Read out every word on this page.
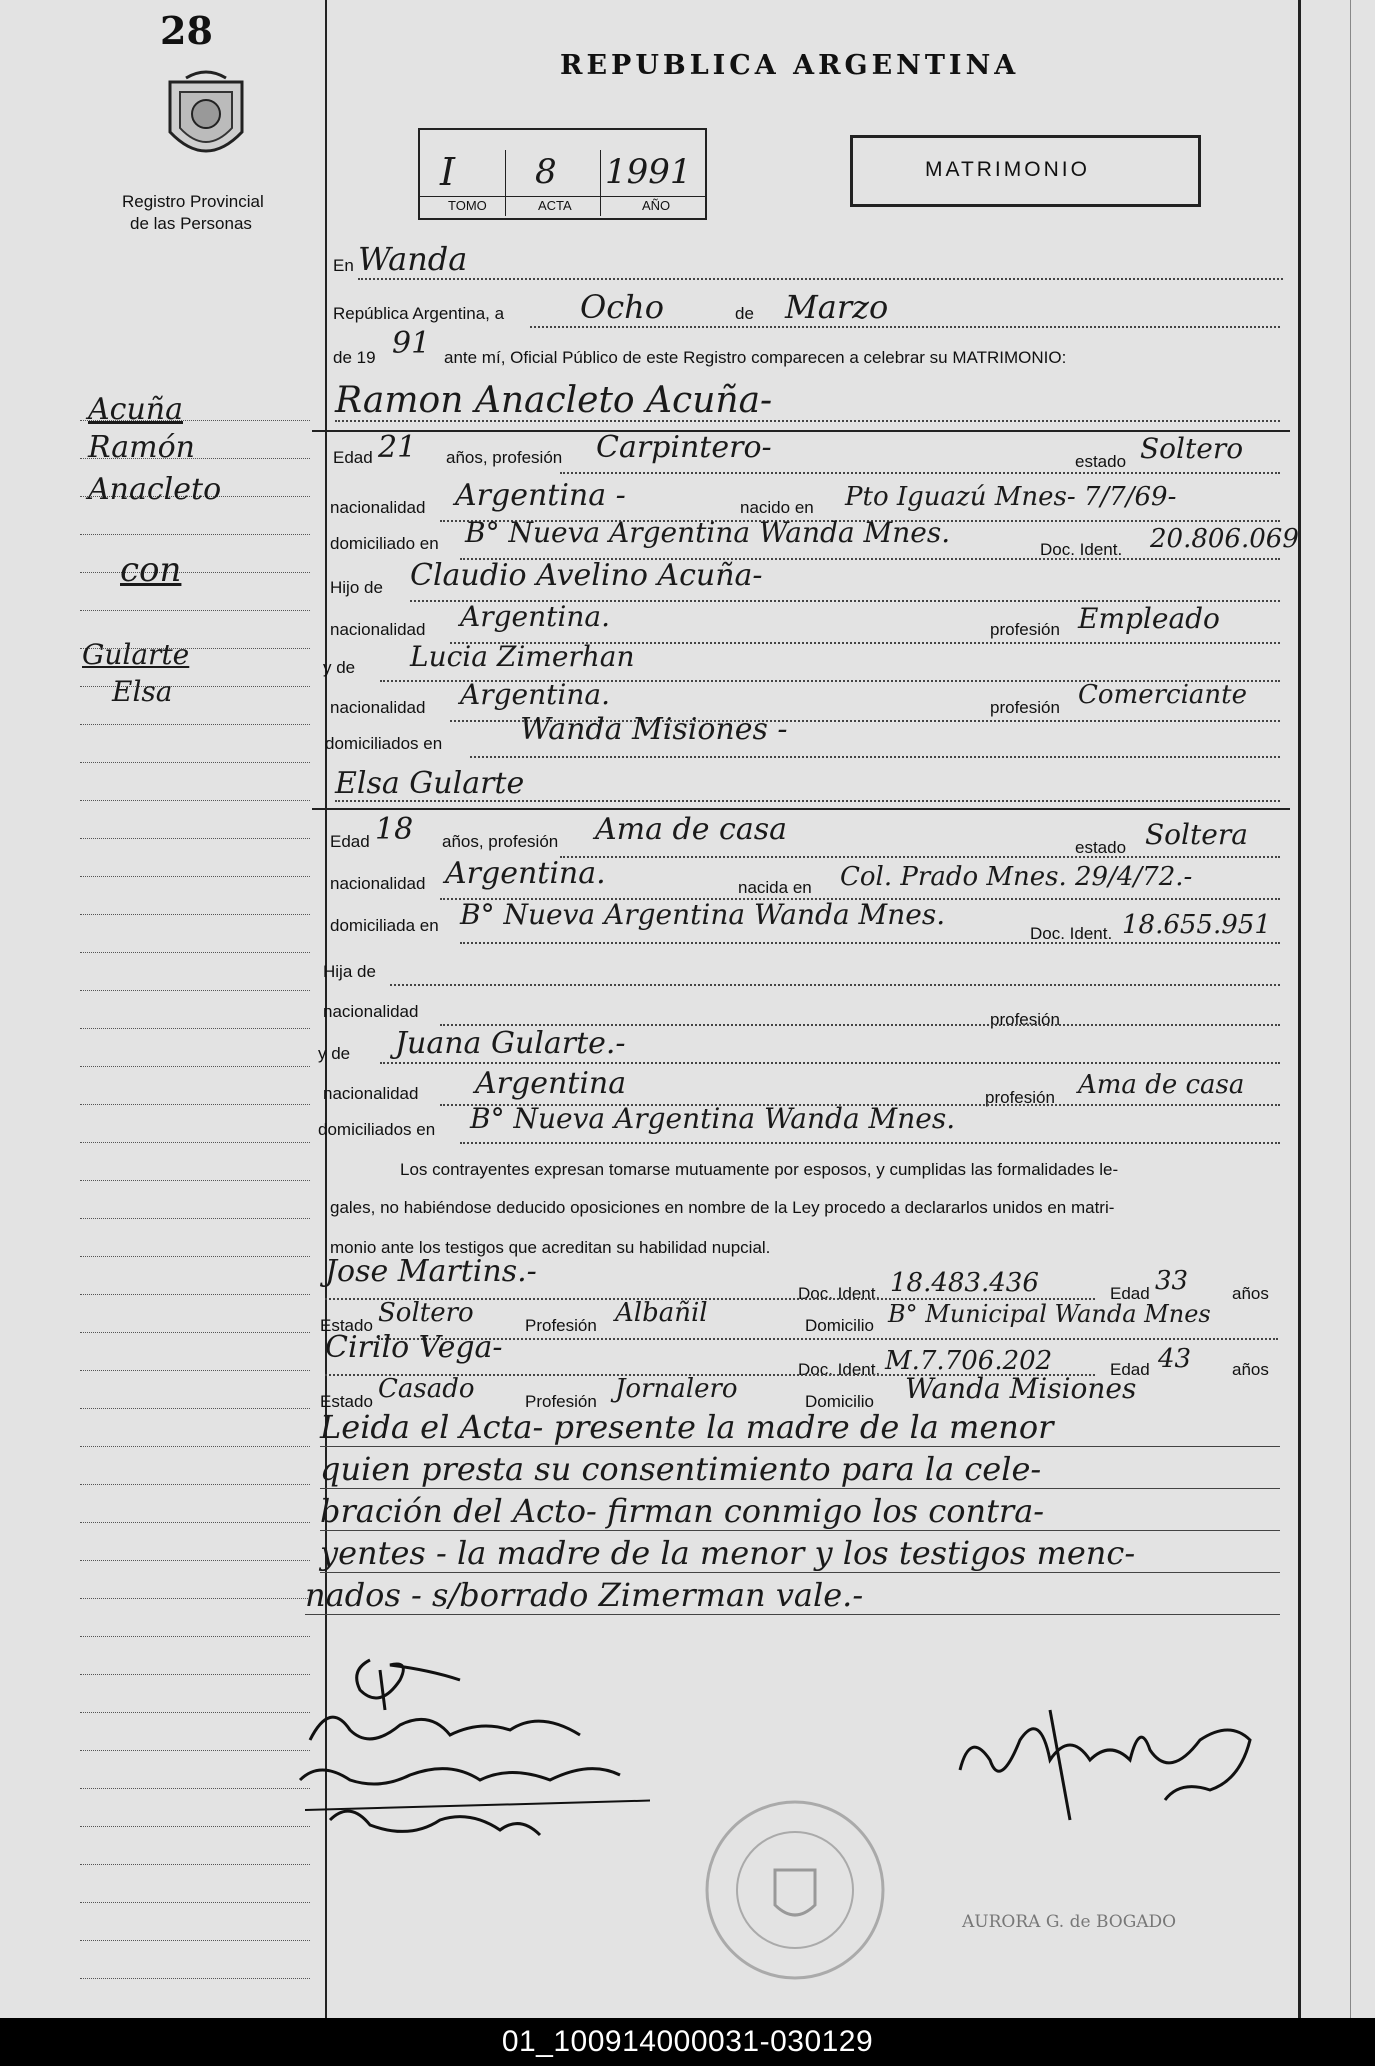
28
Registro Provincial
de las Personas
REPUBLICA ARGENTINA
I 8 1991
TOMO	ACTA	AÑO
MATRIMONIO
Acuña
Ramón
Anacleto
con
Gularte
Elsa
En Wanda
República Argentina, a Ocho	de Marzo
de 19 91 ante mí, Oficial Público de este Registro comparecen a celebrar su MATRIMONIO:
Ramon Anacleto Acuña-
Edad 21 años, profesión Carpintero-	estado Soltero
nacionalidad Argentina -	nacido en Pto Iguazú Mnes- 7/7/69-
domiciliado en B° Nueva Argentina Wanda Mnes.
Doc. Ident. 20.806.069
Hijo de Claudio Avelino Acuña-
nacionalidad Argentina.	profesión Empleado
y de Lucia Zimerhan
nacionalidad Argentina.	profesión Comerciante
domiciliados en	Wanda Misiones -
Elsa Gularte
Edad 18 años, profesión Ama de casa
estado Soltera
nacionalidad Argentina.	nacida en Col. Prado Mnes. 29/4/72.-
domiciliada en B° Nueva Argentina Wanda Mnes.
Doc. Ident. 18.655.951
Hija de
nacionalidad	profesión
y de Juana Gularte.-
nacionalidad Argentina	profesión Ama de casa
domiciliados en B° Nueva Argentina Wanda Mnes.
Los contrayentes expresan tomarse mutuamente por esposos, y cumplidas las formalidades le-
gales, no habiéndose deducido oposiciones en nombre de la Ley procedo a declararlos unidos en matri-
monio ante los testigos que acreditan su habilidad nupcial.
Jose Martins.-
Doc. Ident. 18.483.436	Edad 33	años
Estado Soltero	Profesión Albañil	Domicilio B° Municipal Wanda Mnes
Cirilo Vega-
Doc. Ident. M.7.706.202	Edad 43 años
Estado Casado	Profesión Jornalero	Domicilio Wanda Misiones
Leida el Acta- presente la madre de la menor
quien presta su consentimiento para la cele-
bración del Acto- firman conmigo los contra-
yentes - la madre de la menor y los testigos menc-
nados - s/borrado Zimerman vale.-
AURORA G. de BOGADO
01_100914000031-030129
